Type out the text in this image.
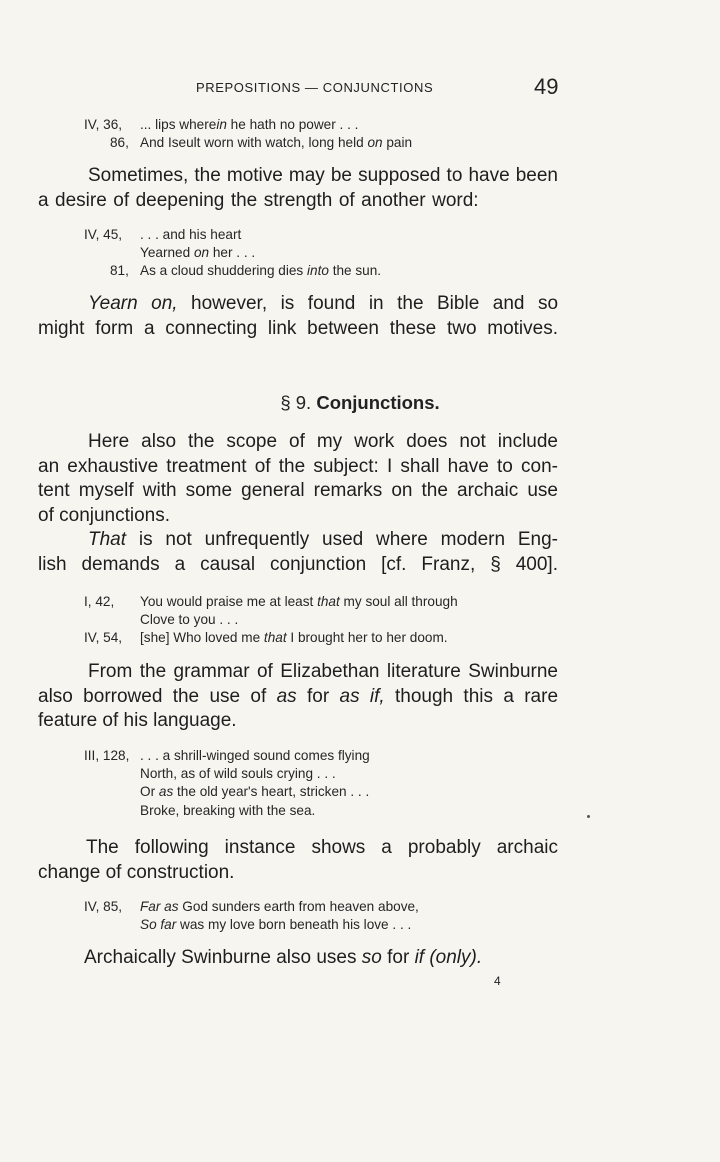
PREPOSITIONS — CONJUNCTIONS	49
IV, 36,	... lips wherein he hath no power . . .
86, And Iseult worn with watch, long held on pain
Sometimes, the motive may be supposed to have been
a desire of deepening the strength of another word:
IV, 45,	. . . and his heart
Yearned on her . . .
81, As a cloud shuddering dies into the sun.
Yearn on, however, is found in the Bible and so
might form a connecting link between these two motives.
§ 9. Conjunctions.
Here also the scope of my work does not include
an exhaustive treatment of the subject: I shall have to con-
tent myself with some general remarks on the archaic use
of conjunctions.
That is not unfrequently used where modern Eng-
lish demands a causal conjunction [cf. Franz, § 400].
I, 42,	You would praise me at least that my soul all through
Clove to you . . .
IV, 54,	[she] Who loved me that I brought her to her doom.
From the grammar of Elizabethan literature Swinburne
also borrowed the use of as for as if, though this a rare
feature of his language.
III, 128, . . . a shrill-winged sound comes flying
North, as of wild souls crying . . .
Or as the old year's heart, stricken . . .
Broke, breaking with the sea.
The following instance shows a probably archaic
change of construction.
IV, 85,	Far as God sunders earth from heaven above,
So far was my love born beneath his love . . .
Archaically Swinburne also uses so for if (only).
4
